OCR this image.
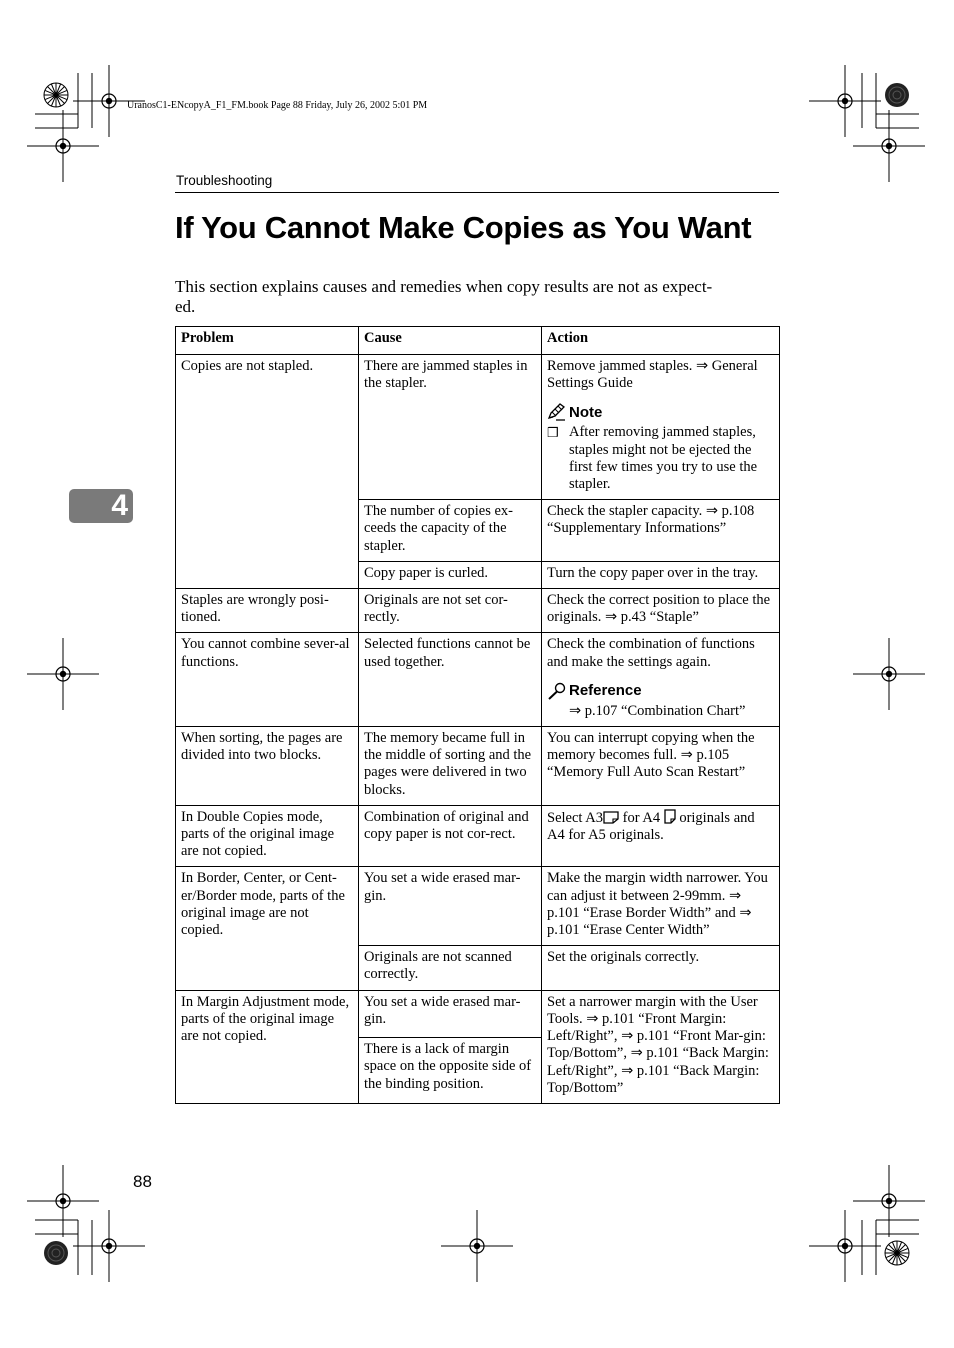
UranosC1-ENcopyA_F1_FM.book Page 88 Friday, July 26, 2002 5:01 PM
Troubleshooting
If You Cannot Make Copies as You Want

This section explains causes and remedies when copy results are not as expect-
ed.

4
Problem	Cause	Action
Copies are not stapled.	There are jammed staples in the stapler.	Remove jammed staples. ⇒ General Settings Guide
Note
❒ After removing jammed staples, staples might not be ejected the first few times you try to use the stapler.

	The number of copies ex-ceeds the capacity of the stapler.	Check the stapler capacity. ⇒ p.108 “Supplementary Informations”
	Copy paper is curled.	Turn the copy paper over in the tray.
Staples are wrongly posi-tioned.	Originals are not set cor-rectly.	Check the correct position to place the originals. ⇒ p.43 “Staple”
You cannot combine sever-al functions.	Selected functions cannot be used together.	Check the combination of functions and make the settings again.
Reference
⇒ p.107 “Combination Chart”

When sorting, the pages are divided into two blocks.	The memory became full in the middle of sorting and the pages were delivered in two blocks.	You can interrupt copying when the memory becomes full. ⇒ p.105 “Memory Full Auto Scan Restart”
In Double Copies mode, parts of the original image are not copied.	Combination of original and copy paper is not cor-rect.	Select A3 for A4  originals and A4 for A5 originals.
In Border, Center, or Cent-er/Border mode, parts of the original image are not copied.	You set a wide erased mar-gin.	Make the margin width narrower. You can adjust it between 2-99mm. ⇒ p.101 “Erase Border Width” and ⇒ p.101 “Erase Center Width”
	Originals are not scanned correctly.	Set the originals correctly.
In Margin Adjustment mode, parts of the original image are not copied.	You set a wide erased mar-gin.	Set a narrower margin with the User Tools. ⇒ p.101 “Front Margin: Left/Right”, ⇒ p.101 “Front Mar-gin: Top/Bottom”, ⇒ p.101 “Back Margin: Left/Right”, ⇒ p.101 “Back Margin: Top/Bottom”
	There is a lack of margin space on the opposite side of the binding position.	
88
